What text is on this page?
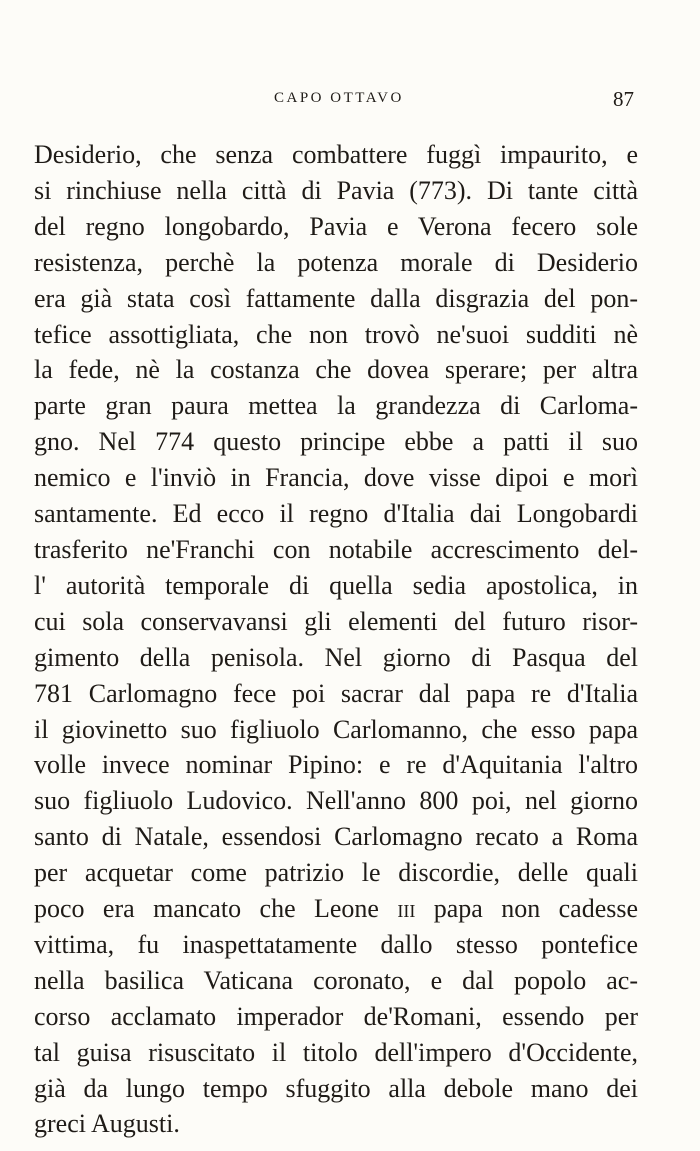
CAPO OTTAVO	87
Desiderio, che senza combattere fuggì impaurito, e
si rinchiuse nella città di Pavia (773). Di tante città
del regno longobardo, Pavia e Verona fecero sole
resistenza, perchè la potenza morale di Desiderio
era già stata così fattamente dalla disgrazia del pon-
tefice assottigliata, che non trovò ne'suoi sudditi nè
la fede, nè la costanza che dovea sperare; per altra
parte gran paura mettea la grandezza di Carloma-
gno. Nel 774 questo principe ebbe a patti il suo
nemico e l'inviò in Francia, dove visse dipoi e morì
santamente. Ed ecco il regno d'Italia dai Longobardi
trasferito ne'Franchi con notabile accrescimento del-
l' autorità temporale di quella sedia apostolica, in
cui sola conservavansi gli elementi del futuro risor-
gimento della penisola. Nel giorno di Pasqua del
781 Carlomagno fece poi sacrar dal papa re d'Italia
il giovinetto suo figliuolo Carlomanno, che esso papa
volle invece nominar Pipino: e re d'Aquitania l'altro
suo figliuolo Ludovico. Nell'anno 800 poi, nel giorno
santo di Natale, essendosi Carlomagno recato a Roma
per acquetar come patrizio le discordie, delle quali
poco era mancato che Leone iii papa non cadesse
vittima, fu inaspettatamente dallo stesso pontefice
nella basilica Vaticana coronato, e dal popolo ac-
corso acclamato imperador de'Romani, essendo per
tal guisa risuscitato il titolo dell'impero d'Occidente,
già da lungo tempo sfuggito alla debole mano dei
greci Augusti.
